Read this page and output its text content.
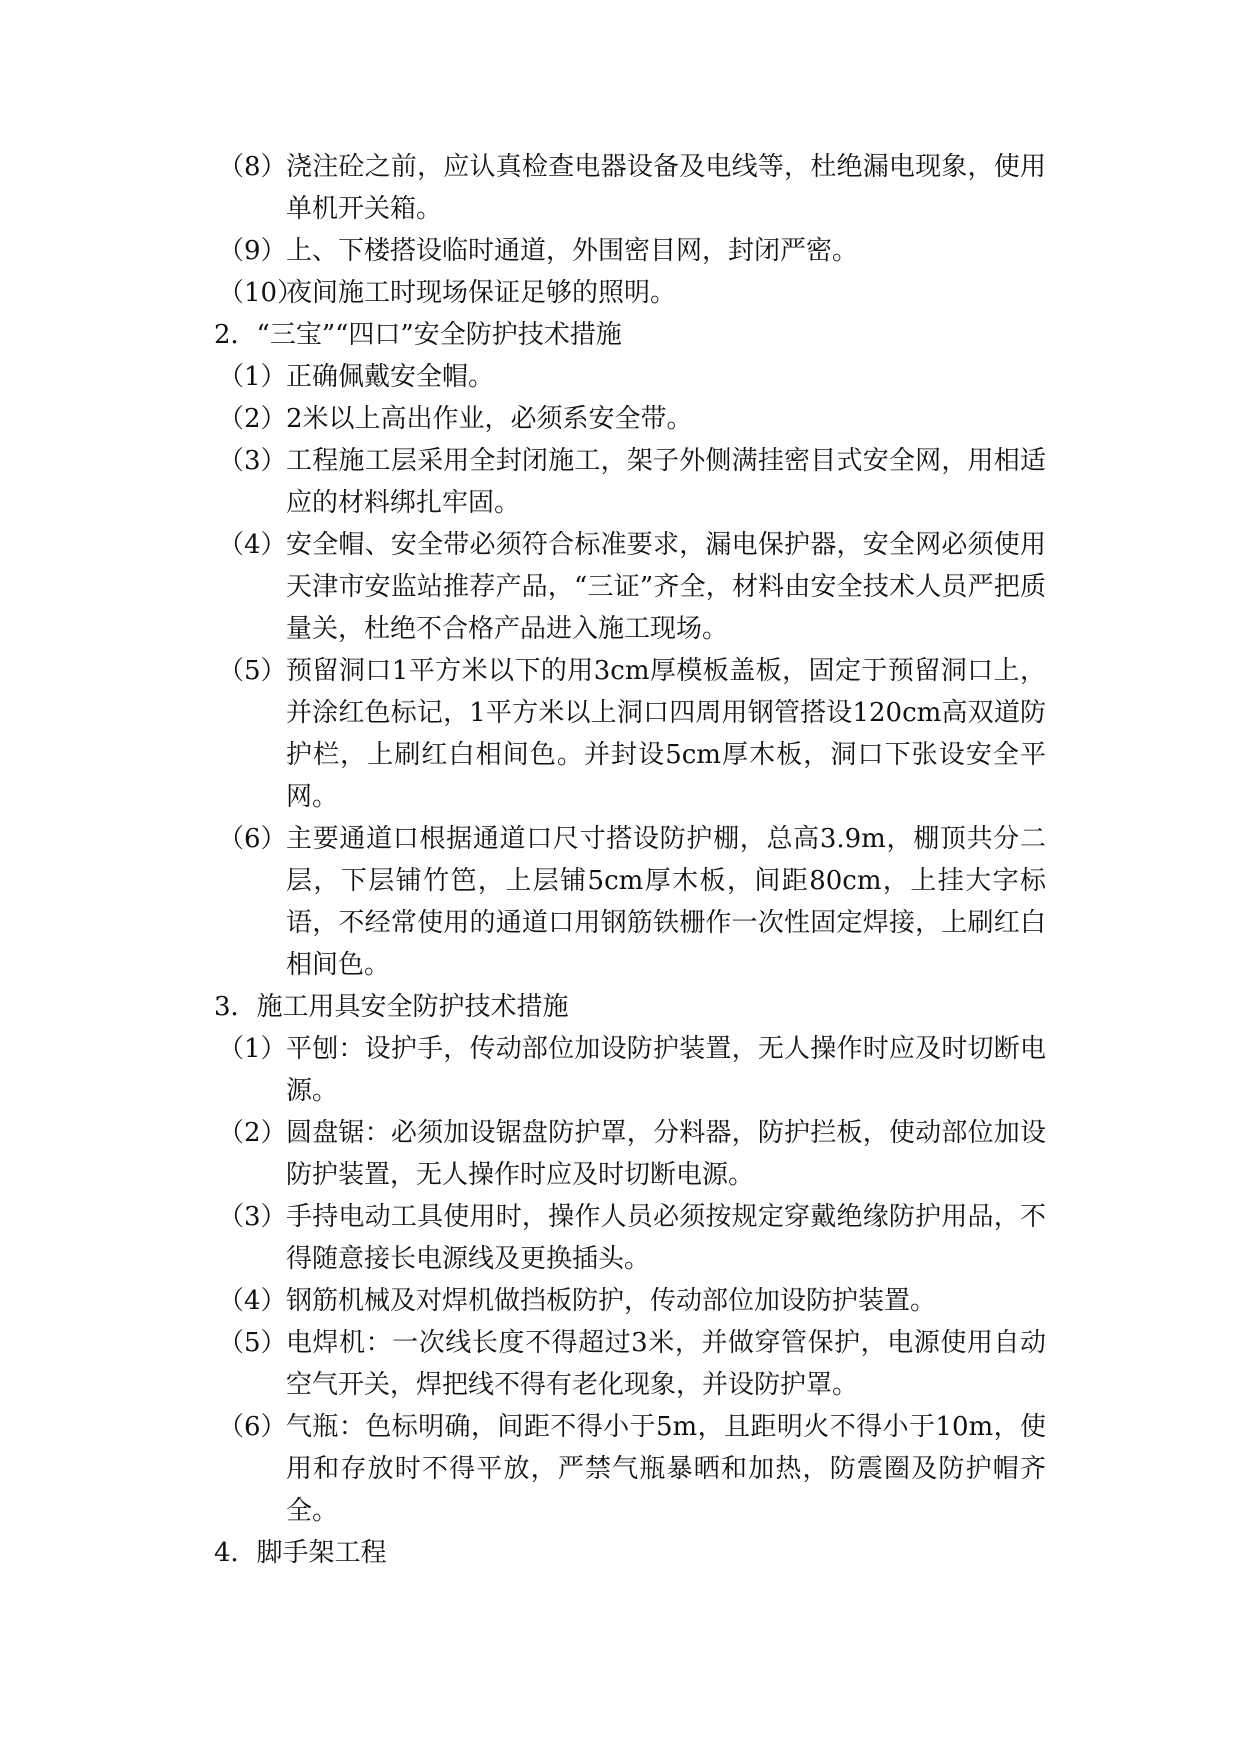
（8） 浇注砼之前，应认真检查电器设备及电线等，杜绝漏电现象，使用单机开关箱。
（9） 上、下楼搭设临时通道，外围密目网，封闭严密。
（10）
夜间施工时现场保证足够的照明。

2．“三宝”“四口”安全防护技术措施

（1） 正确佩戴安全帽。
（2） 2米以上高出作业，必须系安全带。
（3） 工程施工层采用全封闭施工，架子外侧满挂密目式安全网，用相适应的材料绑扎牢固。
（4） 安全帽、安全带必须符合标准要求，漏电保护器，安全网必须使用天津市安监站推荐产品，“三证”齐全，材料由安全技术人员严把质量关，杜绝不合格产品进入施工现场。
（5） 预留洞口1平方米以下的用3cm厚模板盖板，固定于预留洞口上，并涂红色标记，1平方米以上洞口四周用钢管搭设120cm高双道防护栏，上刷红白相间色。并封设5cm厚木板，洞口下张设安全平网。
（6） 主要通道口根据通道口尺寸搭设防护棚，总高3.9m，棚顶共分二层，下层铺竹笆，上层铺5cm厚木板，间距80cm，上挂大字标语，不经常使用的通道口用钢筋铁栅作一次性固定焊接，上刷红白相间色。

3．施工用具安全防护技术措施

（1） 平刨：设护手，传动部位加设防护装置，无人操作时应及时切断电源。
（2） 圆盘锯：必须加设锯盘防护罩，分料器，防护拦板，使动部位加设防护装置，无人操作时应及时切断电源。
（3） 手持电动工具使用时，操作人员必须按规定穿戴绝缘防护用品，不得随意接长电源线及更换插头。
（4） 钢筋机械及对焊机做挡板防护，传动部位加设防护装置。
（5） 电焊机：一次线长度不得超过3米，并做穿管保护，电源使用自动空气开关，焊把线不得有老化现象，并设防护罩。
（6） 气瓶：色标明确，间距不得小于5m，且距明火不得小于10m，使用和存放时不得平放，严禁气瓶暴晒和加热，防震圈及防护帽齐全。

4．脚手架工程
